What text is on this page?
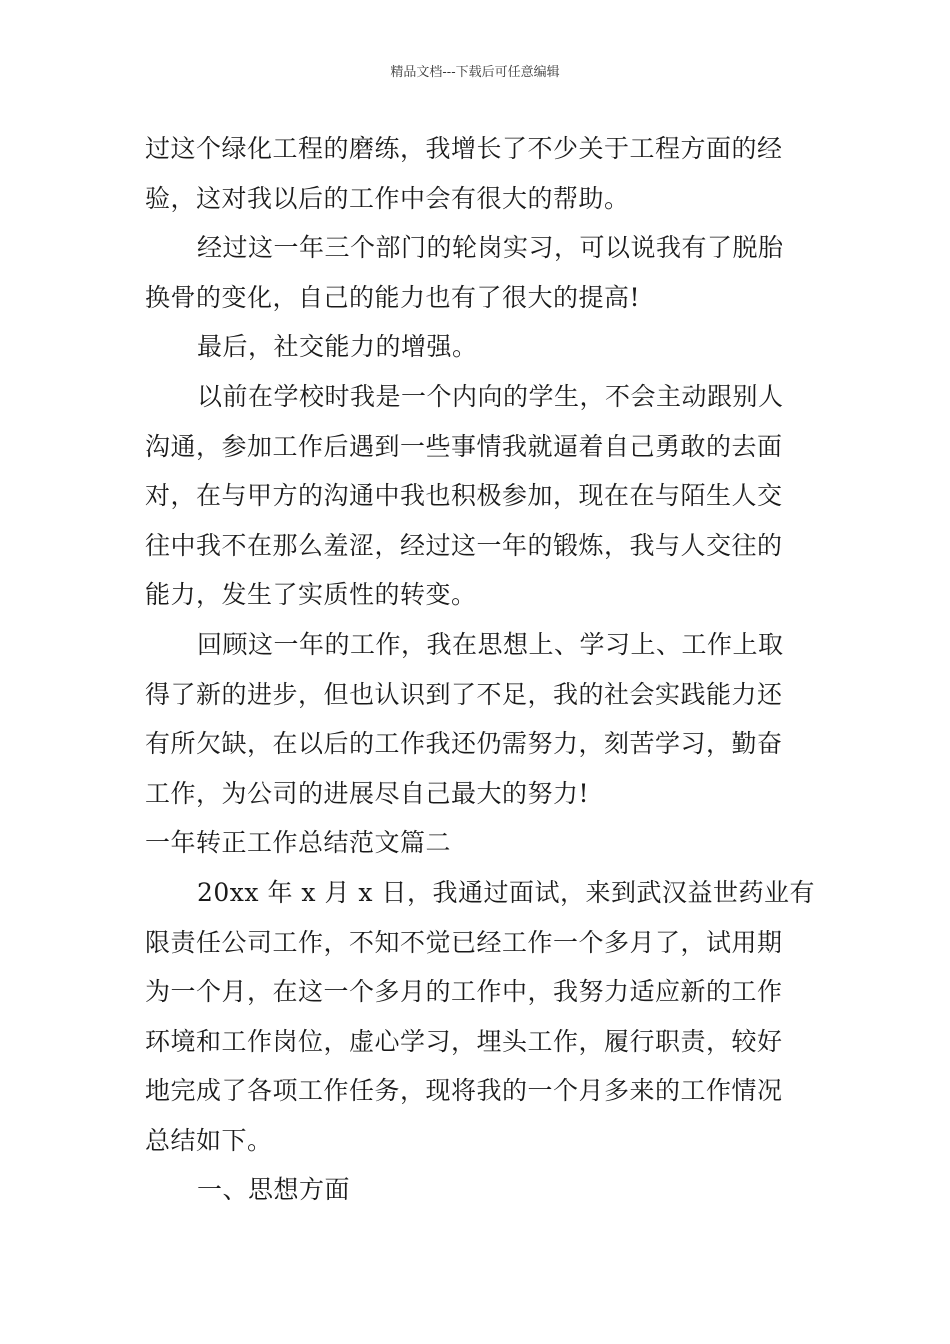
精品文档---下载后可任意编辑
过这个绿化工程的磨练，我增长了不少关于工程方面的经
验，这对我以后的工作中会有很大的帮助。
经过这一年三个部门的轮岗实习，可以说我有了脱胎
换骨的变化，自己的能力也有了很大的提高!
最后，社交能力的增强。
以前在学校时我是一个内向的学生，不会主动跟别人
沟通，参加工作后遇到一些事情我就逼着自己勇敢的去面
对，在与甲方的沟通中我也积极参加，现在在与陌生人交
往中我不在那么羞涩，经过这一年的锻炼，我与人交往的
能力，发生了实质性的转变。
回顾这一年的工作，我在思想上、学习上、工作上取
得了新的进步，但也认识到了不足，我的社会实践能力还
有所欠缺，在以后的工作我还仍需努力，刻苦学习，勤奋
工作，为公司的进展尽自己最大的努力!
一年转正工作总结范文篇二
20xx 年 x 月 x 日，我通过面试，来到武汉益世药业有
限责任公司工作，不知不觉已经工作一个多月了，试用期
为一个月，在这一个多月的工作中，我努力适应新的工作
环境和工作岗位，虚心学习，埋头工作，履行职责，较好
地完成了各项工作任务，现将我的一个月多来的工作情况
总结如下。
一、思想方面
